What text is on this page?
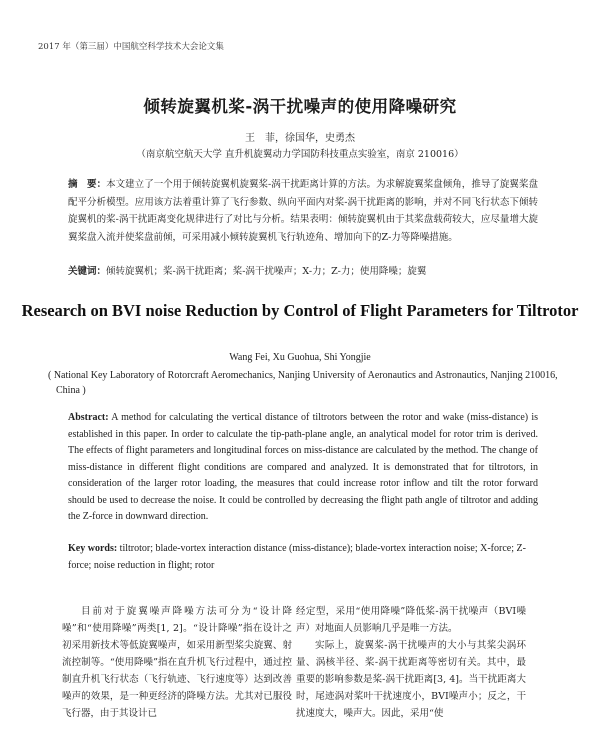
2017 年（第三届）中国航空科学技术大会论文集
倾转旋翼机桨-涡干扰噪声的使用降噪研究
王　菲，徐国华，史勇杰
（南京航空航天大学 直升机旋翼动力学国防科技重点实验室，南京 210016）
摘　要：本文建立了一个用于倾转旋翼机旋翼桨-涡干扰距离计算的方法。为求解旋翼桨盘倾角，推导了旋翼桨盘配平分析模型。应用该方法着重计算了飞行参数、纵向平面内对桨-涡干扰距离的影响，并对不同飞行状态下倾转旋翼机的桨-涡干扰距离变化规律进行了对比与分析。结果表明：倾转旋翼机由于其桨盘载荷较大，应尽量增大旋翼桨盘入流并使桨盘前倾，可采用减小倾转旋翼机飞行轨迹角、增加向下的Z-力等降噪措施。
关键词：倾转旋翼机；桨-涡干扰距离；桨-涡干扰噪声；X-力；Z-力；使用降噪；旋翼
Research on BVI noise Reduction by Control of Flight Parameters for Tiltrotor
Wang Fei, Xu Guohua, Shi Yongjie
( National Key Laboratory of Rotorcraft Aeromechanics, Nanjing University of Aeronautics and Astronautics, Nanjing 210016, China )
Abstract: A method for calculating the vertical distance of tiltrotors between the rotor and wake (miss-distance) is established in this paper. In order to calculate the tip-path-plane angle, an analytical model for rotor trim is derived. The effects of flight parameters and longitudinal forces on miss-distance are calculated by the method. The change of miss-distance in different flight conditions are compared and analyzed. It is demonstrated that for tiltrotors, in consideration of the larger rotor loading, the measures that could increase rotor inflow and tilt the rotor forward should be used to decrease the noise. It could be controlled by decreasing the flight path angle of tiltrotor and adding the Z-force in downward direction.
Key words: tiltrotor; blade-vortex interaction distance (miss-distance); blade-vortex interaction noise; X-force; Z-force; noise reduction in flight; rotor
目前对于旋翼噪声降噪方法可分为“设计降噪”和“使用降噪”两类[1, 2]。“设计降噪”指在设计之初采用新技术等低旋翼噪声，如采用新型桨尖旋翼、射流控制等。“使用降噪”指在直升机飞行过程中，通过控制直升机飞行状态（飞行轨迹、飞行速度等）达到改善噪声的效果，是一种更经济的降噪方法。尤其对已服役飞行器，由于其设计已

经定型，采用“使用降噪”降低桨-涡干扰噪声（BVI噪声）对地面人员影响几乎是唯一方法。

实际上，旋翼桨-涡干扰噪声的大小与其桨尖涡环量、涡核半径、桨-涡干扰距离等密切有关。其中，最重要的影响参数是桨-涡干扰距离[3, 4]。当干扰距离大时，尾迹涡对桨叶干扰速度小，BVI噪声小；反之，干扰速度大，噪声大。因此，采用“使
